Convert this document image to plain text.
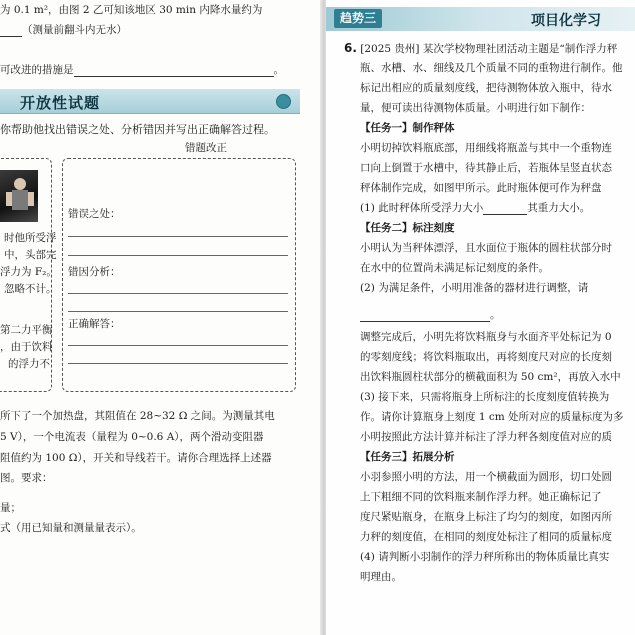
为 0.1 m²，由图 2 乙可知该地区 30 min 内降水量约为
（测量前翻斗内无水）
可改进的措施是	。
开放性试题
你帮助他找出错误之处、分析错因并写出正确解答过程。
错题改正
时他所受浮
中，头部完
浮力为 F₂。
忽略不计。
第二力平衡
，由于饮料
的浮力不
错误之处：
错因分析：
正确解答：
所下了一个加热盘，其阻值在 28~32 Ω 之间。为测量其电
5 V），一个电流表（量程为 0~0.6 A），两个滑动变阻器
阻值约为 100 Ω），开关和导线若干。请你合理选择上述器
图。要求：
量；
式（用已知量和测量量表示）。
趋势三	项目化学习
6. [2025 贵州] 某次学校物理社团活动主题是“制作浮力秤
瓶、水槽、水、细线及几个质量不同的重物进行制作。他
标记出相应的质量刻度线，把待测物体放入瓶中，待水
量，便可读出待测物体质量。小明进行如下制作：
【任务一】制作秤体
小明切掉饮料瓶底部，用细线将瓶盖与其中一个重物连
口向上倒置于水槽中，待其静止后，若瓶体呈竖直状态
秤体制作完成，如图甲所示。此时瓶体便可作为秤盘
(1) 此时秤体所受浮力大小	其重力大小。
【任务二】标注刻度
小明认为当秤体漂浮，且水面位于瓶体的圆柱状部分时
在水中的位置尚未满足标记刻度的条件。
(2) 为满足条件，小明用准备的器材进行调整，请
。
调整完成后，小明先将饮料瓶身与水面齐平处标记为 0
的零刻度线；将饮料瓶取出，再将刻度尺对应的长度刻
出饮料瓶圆柱状部分的横截面积为 50 cm²，再放入水中
(3) 接下来，只需将瓶身上所标注的长度刻度值转换为
作。请你计算瓶身上刻度 1 cm 处所对应的质量标度为多
小明按照此方法计算并标注了浮力秤各刻度值对应的质
【任务三】拓展分析
小羽参照小明的方法，用一个横截面为圆形，切口处圆
上下粗细不同的饮料瓶来制作浮力秤。她正确标记了
度尺紧贴瓶身，在瓶身上标注了均匀的刻度，如图丙所
力秤的刻度值，在相同的刻度处标注了相同的质量标度
(4) 请判断小羽制作的浮力秤所称出的物体质量比真实
明理由。
